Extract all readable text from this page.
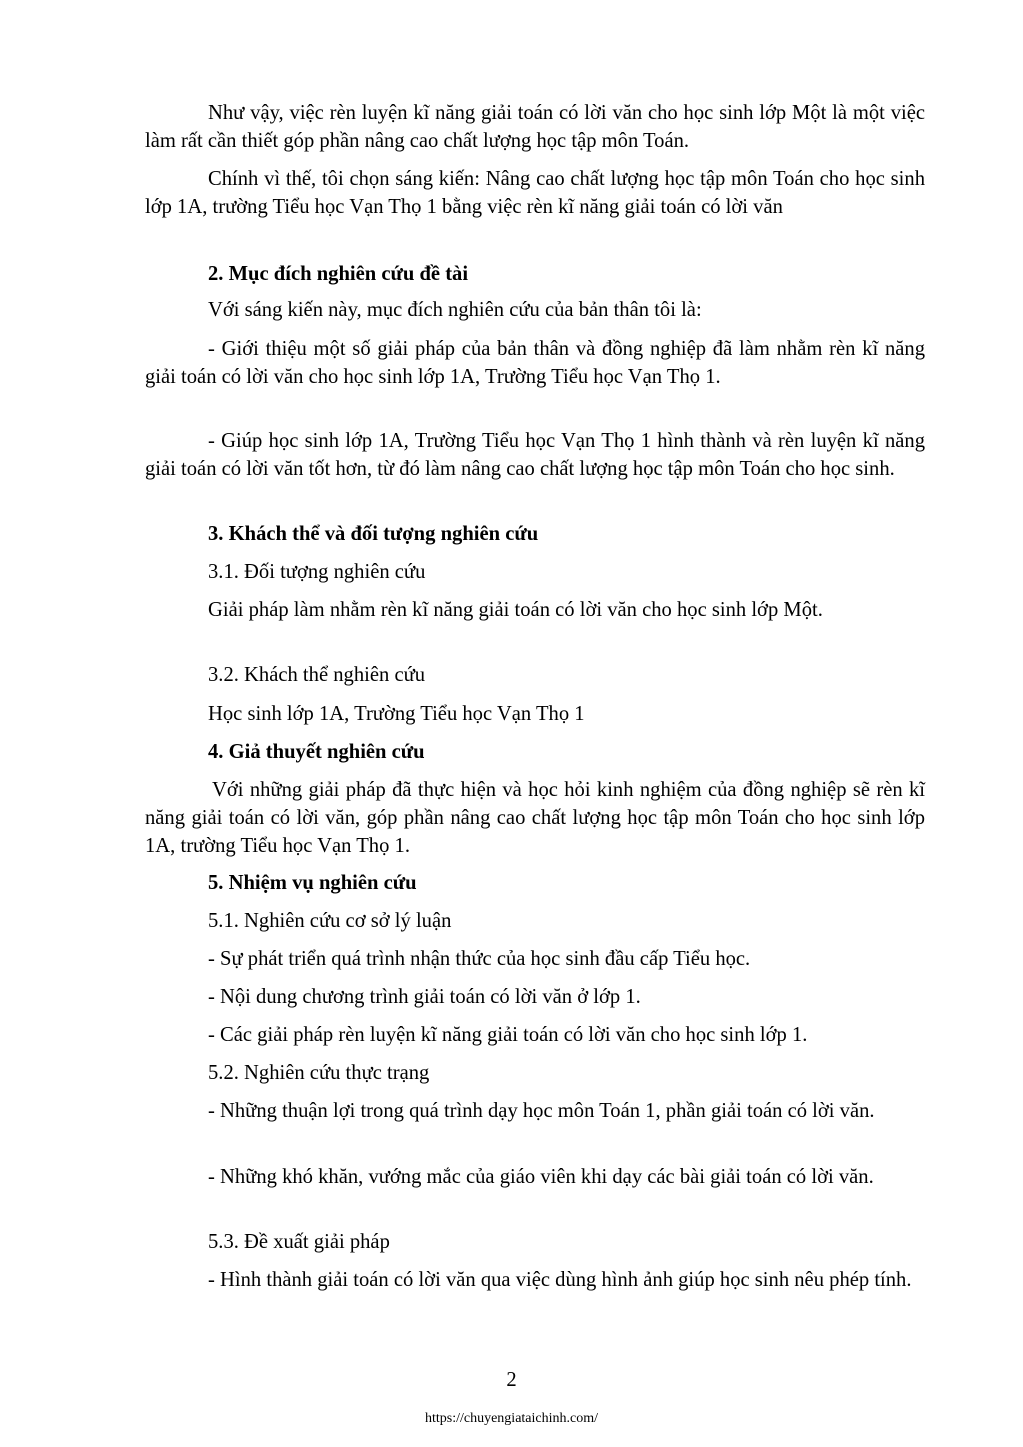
Như vậy, việc rèn luyện kĩ năng giải toán có lời văn cho học sinh lớp Một là một việc làm rất cần thiết góp phần nâng cao chất lượng học tập môn Toán.

Chính vì thế, tôi chọn sáng kiến: Nâng cao chất lượng học tập môn Toán cho học sinh lớp 1A, trường Tiểu học Vạn Thọ 1 bằng việc rèn kĩ năng giải toán có lời văn

2. Mục đích nghiên cứu đề tài

Với sáng kiến này, mục đích nghiên cứu của bản thân tôi là:

- Giới thiệu một số giải pháp của bản thân và đồng nghiệp đã làm nhằm rèn kĩ năng giải toán có lời văn cho học sinh lớp 1A, Trường Tiểu học Vạn Thọ 1.

- Giúp học sinh lớp 1A, Trường Tiểu học Vạn Thọ 1 hình thành và rèn luyện kĩ năng giải toán có lời văn tốt hơn, từ đó làm nâng cao chất lượng học tập môn Toán cho học sinh.

3. Khách thể và đối tượng nghiên cứu

3.1. Đối tượng nghiên cứu

Giải pháp làm nhằm rèn kĩ năng giải toán có lời văn cho học sinh lớp Một.

3.2. Khách thể nghiên cứu

Học sinh lớp 1A, Trường Tiểu học Vạn Thọ 1

4. Giả thuyết nghiên cứu

Với những giải pháp đã thực hiện và học hỏi kinh nghiệm của đồng nghiệp sẽ rèn kĩ năng giải toán có lời văn, góp phần nâng cao chất lượng học tập môn Toán cho học sinh lớp 1A, trường Tiểu học Vạn Thọ 1.

5. Nhiệm vụ nghiên cứu

5.1. Nghiên cứu cơ sở lý luận

- Sự phát triển quá trình nhận thức của học sinh đầu cấp Tiểu học.

- Nội dung chương trình giải toán có lời văn ở lớp 1.

- Các giải pháp rèn luyện kĩ năng giải toán có lời văn cho học sinh lớp 1.

5.2. Nghiên cứu thực trạng

- Những thuận lợi trong quá trình dạy học môn Toán 1, phần giải toán có lời văn.

- Những khó khăn, vướng mắc của giáo viên khi dạy các bài giải toán có lời văn.

5.3. Đề xuất giải pháp

- Hình thành giải toán có lời văn qua việc dùng hình ảnh giúp học sinh nêu phép tính.

2
https://chuyengiataichinh.com/
